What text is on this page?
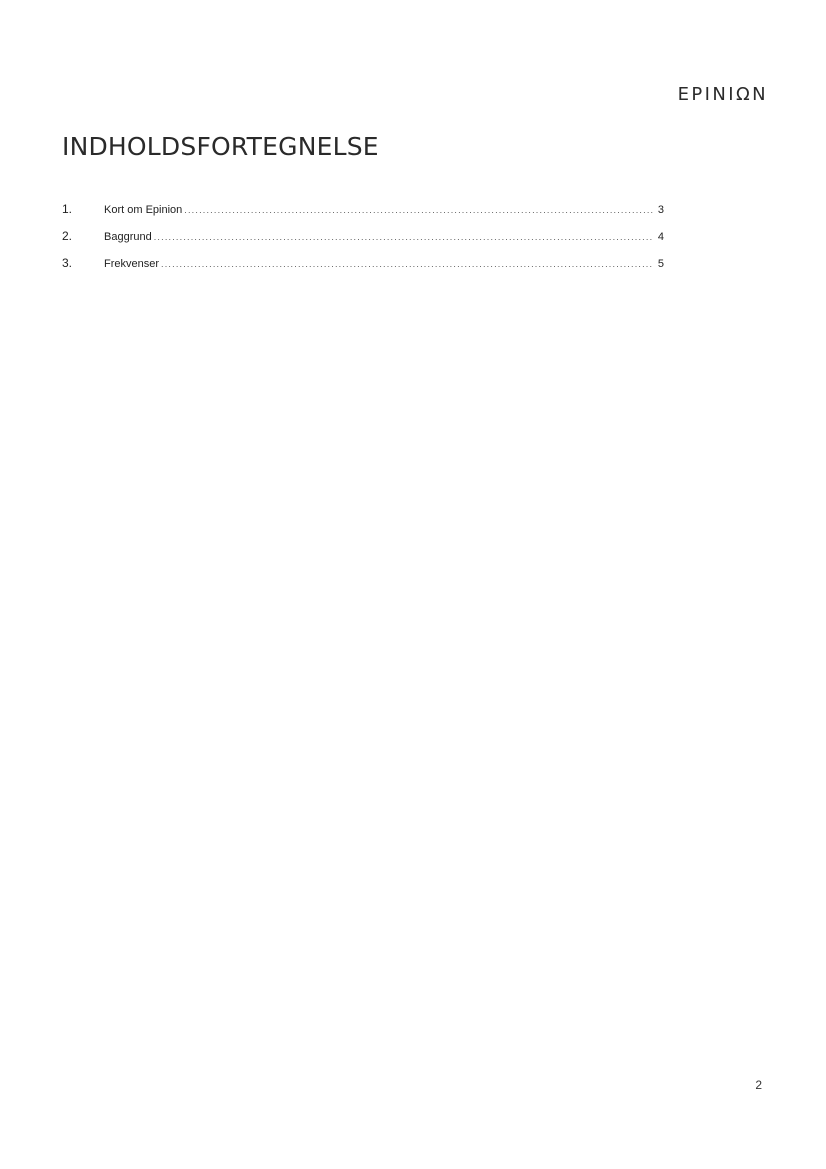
EPINIΩN
INDHOLDSFORTEGNELSE
1.	Kort om Epinion .....	3
2.	Baggrund .....	4
3.	Frekvenser .....	5
2
